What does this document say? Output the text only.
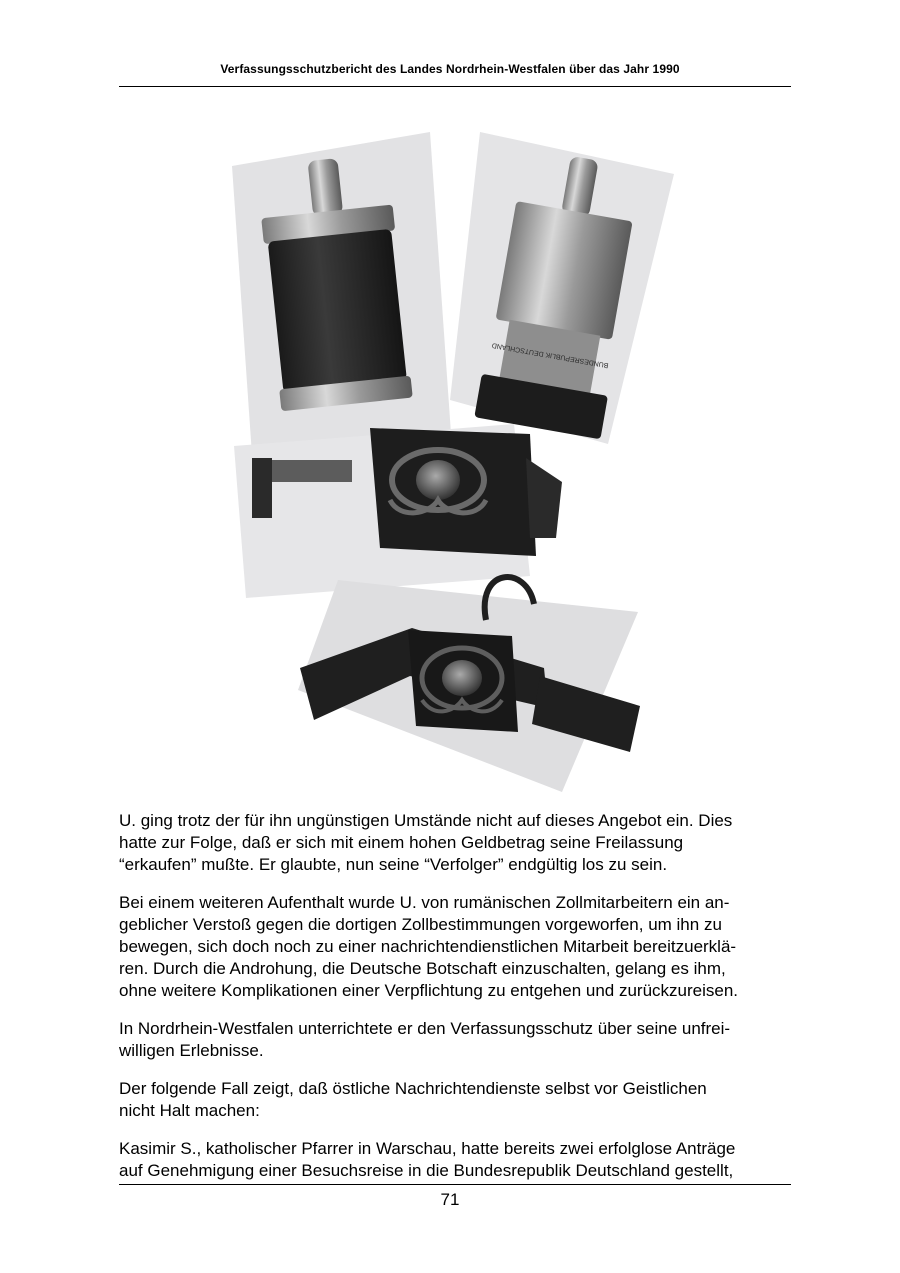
Verfassungsschutzbericht des Landes Nordrhein-Westfalen über das Jahr 1990
BUNDESREPUBLIK DEUTSCHLAND

U. ging trotz der für ihn ungünstigen Umstände nicht auf dieses Angebot ein. Dies
hatte zur Folge, daß er sich mit einem hohen Geldbetrag seine Freilassung
“erkaufen” mußte. Er glaubte, nun seine “Verfolger” endgültig los zu sein.

Bei einem weiteren Aufenthalt wurde U. von rumänischen Zollmitarbeitern ein an-
geblicher Verstoß gegen die dortigen Zollbestimmungen vorgeworfen, um ihn zu
bewegen, sich doch noch zu einer nachrichtendienstlichen Mitarbeit bereitzuerklä-
ren. Durch die Androhung, die Deutsche Botschaft einzuschalten, gelang es ihm,
ohne weitere Komplikationen einer Verpflichtung zu entgehen und zurückzureisen.

In Nordrhein-Westfalen unterrichtete er den Verfassungsschutz über seine unfrei-
willigen Erlebnisse.

Der folgende Fall zeigt, daß östliche Nachrichtendienste selbst vor Geistlichen
nicht Halt machen:

Kasimir S., katholischer Pfarrer in Warschau, hatte bereits zwei erfolglose Anträge
auf Genehmigung einer Besuchsreise in die Bundesrepublik Deutschland gestellt,

71
